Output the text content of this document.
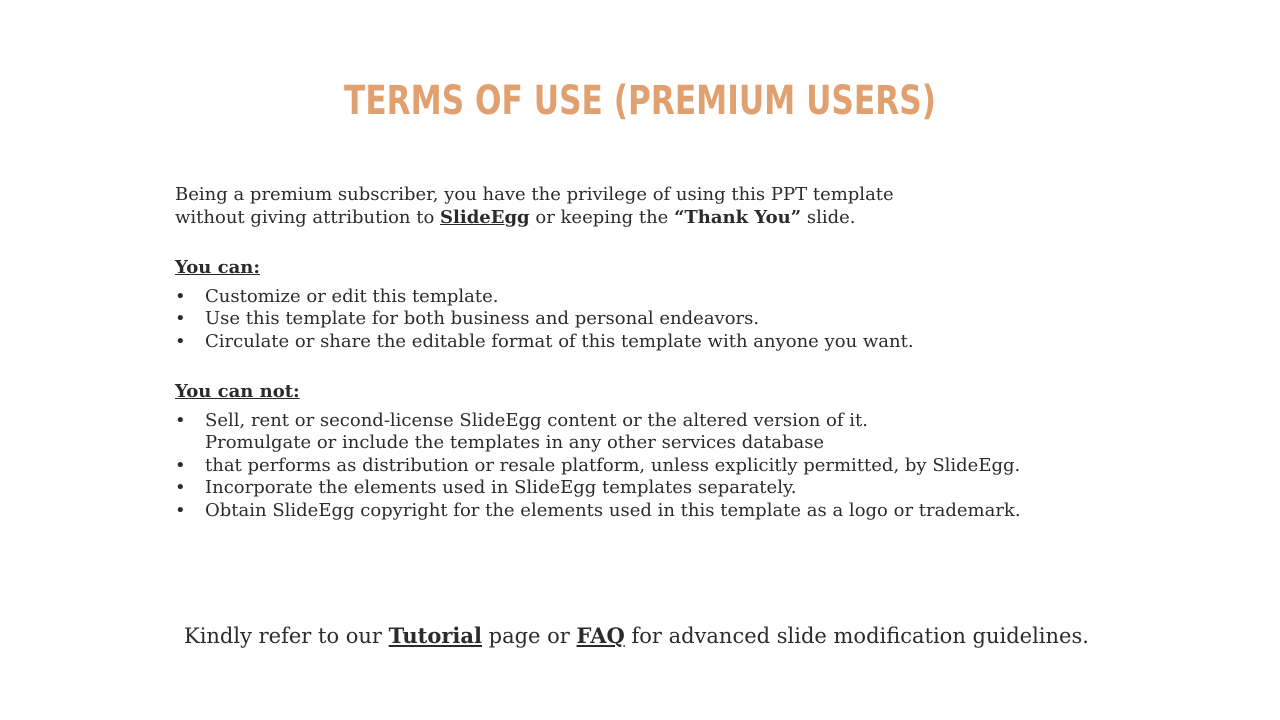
TERMS OF USE (PREMIUM USERS)

Being a premium subscriber, you have the privilege of using this PPT template
without giving attribution to SlideEgg or keeping the “Thank You” slide.

You can:
• Customize or edit this template.
• Use this template for both business and personal endeavors.
• Circulate or share the editable format of this template with anyone you want.
You can not:
• Sell, rent or second-license SlideEgg content or the altered version of it.
Promulgate or include the templates in any other services database
• that performs as distribution or resale platform, unless explicitly permitted, by SlideEgg.
• Incorporate the elements used in SlideEgg templates separately.
• Obtain SlideEgg copyright for the elements used in this template as a logo or trademark.
Kindly refer to our Tutorial page or FAQ for advanced slide modification guidelines.
